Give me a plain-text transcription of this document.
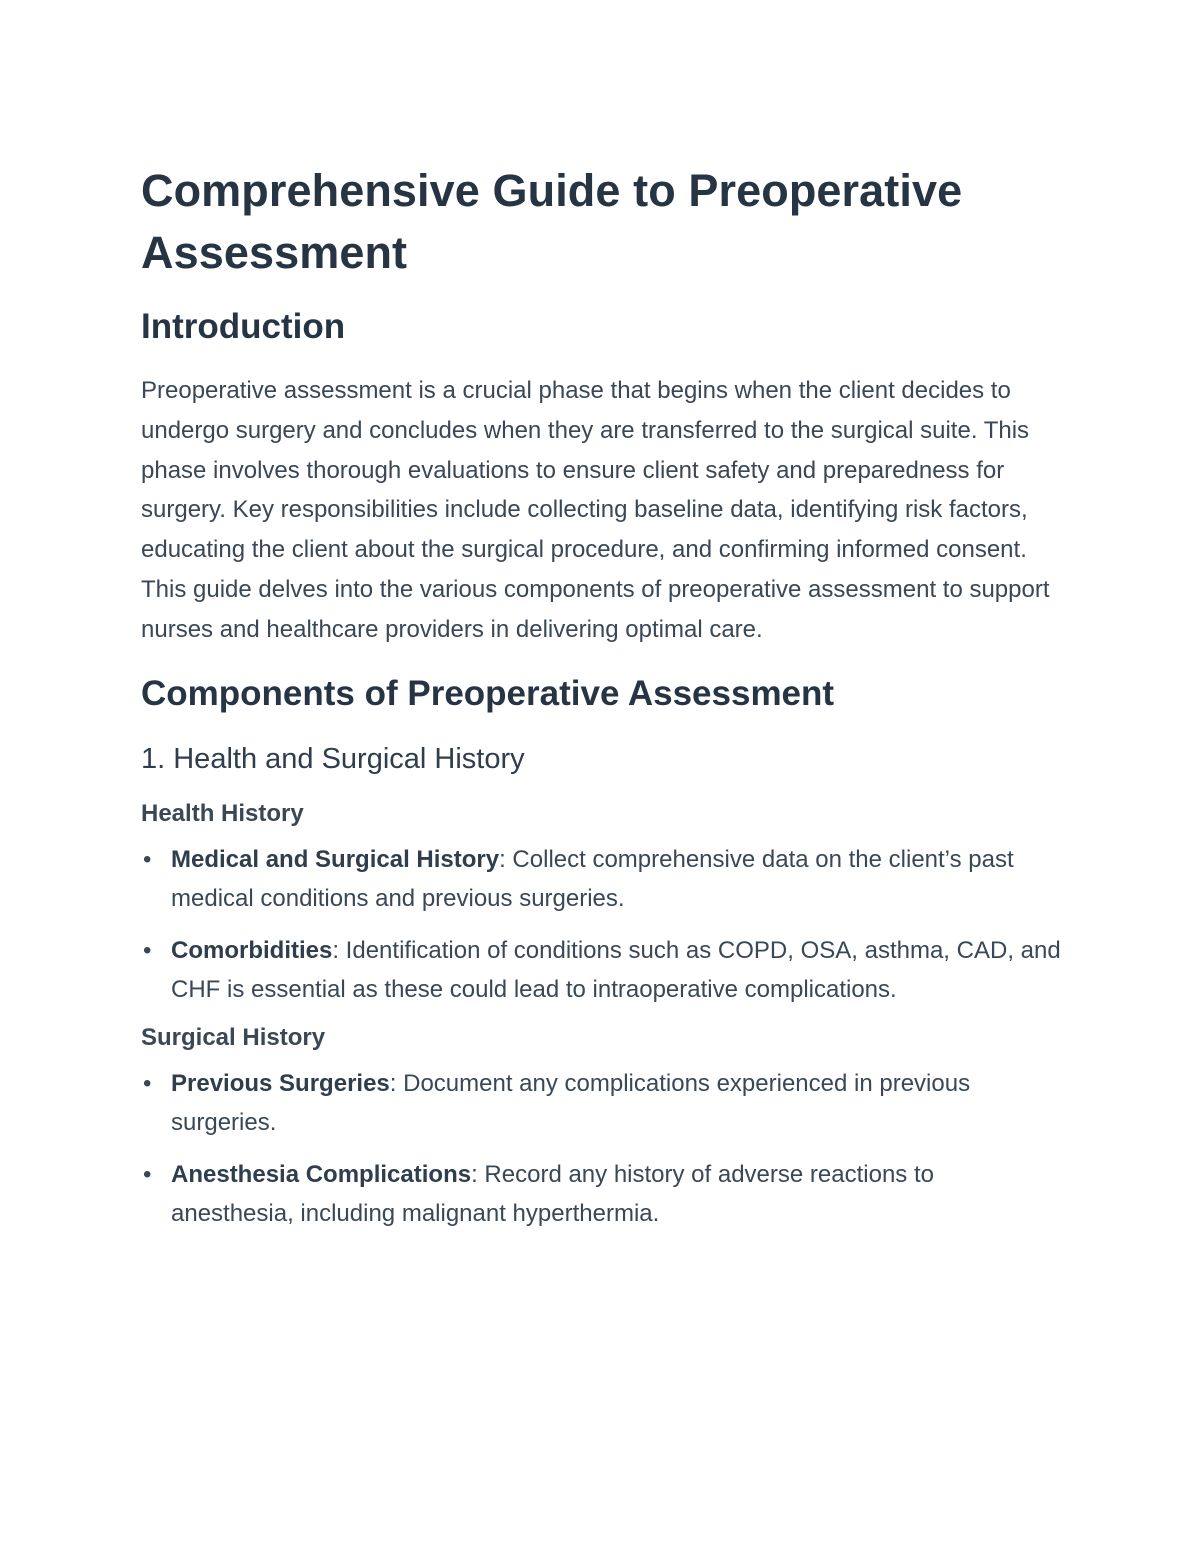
Comprehensive Guide to Preoperative Assessment
Introduction

Preoperative assessment is a crucial phase that begins when the client decides to undergo surgery and concludes when they are transferred to the surgical suite. This phase involves thorough evaluations to ensure client safety and preparedness for surgery. Key responsibilities include collecting baseline data, identifying risk factors, educating the client about the surgical procedure, and confirming informed consent. This guide delves into the various components of preoperative assessment to support nurses and healthcare providers in delivering optimal care.

Components of Preoperative Assessment
1. Health and Surgical History
Health History
• Medical and Surgical History: Collect comprehensive data on the client’s past medical conditions and previous surgeries.
• Comorbidities: Identification of conditions such as COPD, OSA, asthma, CAD, and CHF is essential as these could lead to intraoperative complications.
Surgical History
• Previous Surgeries: Document any complications experienced in previous surgeries.
• Anesthesia Complications: Record any history of adverse reactions to anesthesia, including malignant hyperthermia.
